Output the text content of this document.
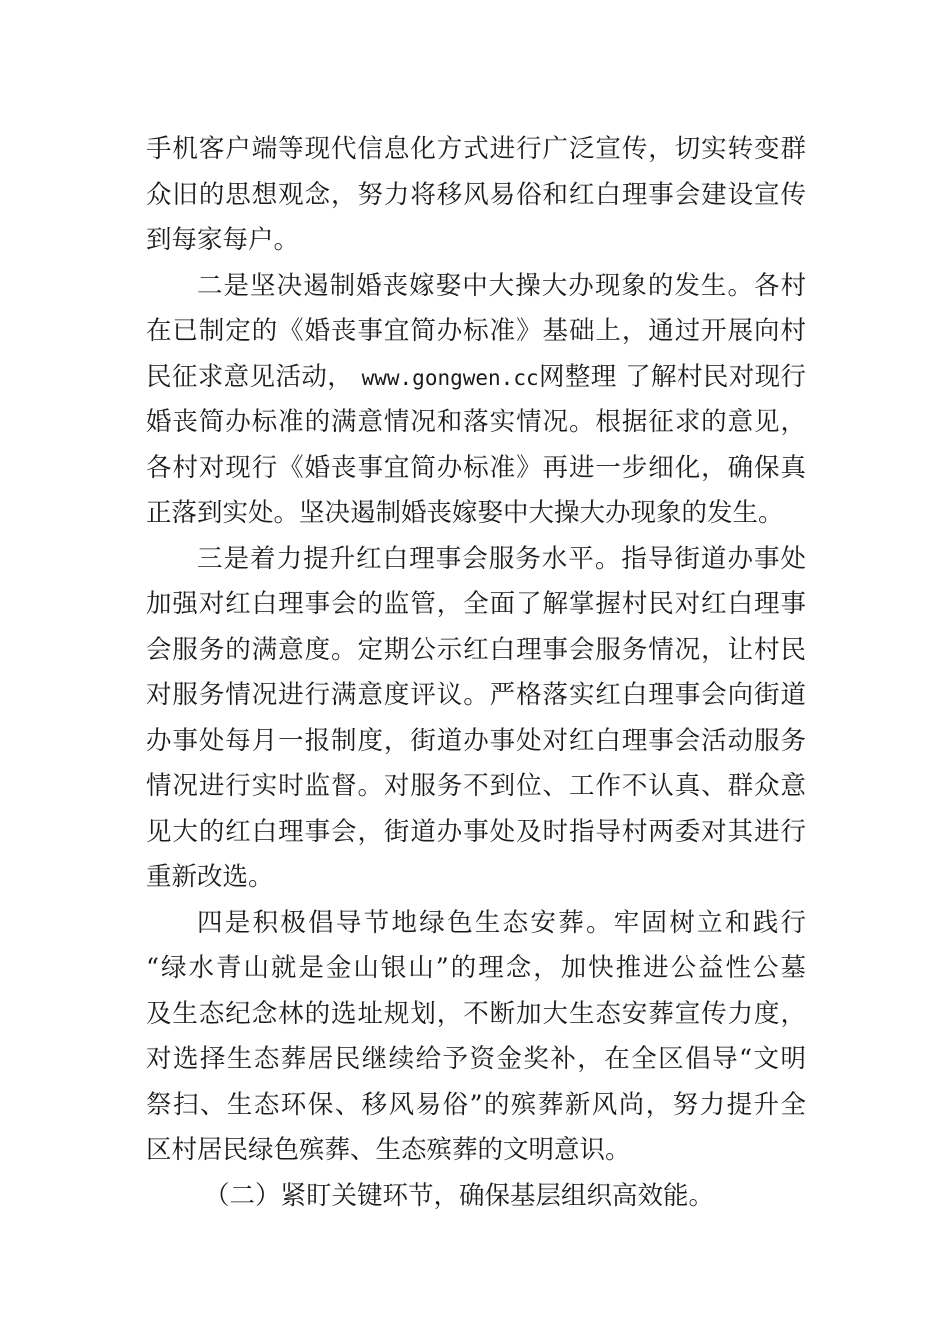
手机客户端等现代信息化方式进行广泛宣传，切实转变群
众旧的思想观念，努力将移风易俗和红白理事会建设宣传
到每家每户。
二是坚决遏制婚丧嫁娶中大操大办现象的发生。各村
在已制定的《婚丧事宜简办标准》基础上，通过开展向村
民征求意见活动， www.gongwen.cc网整理 了解村民对现行
婚丧简办标准的满意情况和落实情况。根据征求的意见，
各村对现行《婚丧事宜简办标准》再进一步细化，确保真
正落到实处。坚决遏制婚丧嫁娶中大操大办现象的发生。
三是着力提升红白理事会服务水平。指导街道办事处
加强对红白理事会的监管，全面了解掌握村民对红白理事
会服务的满意度。定期公示红白理事会服务情况，让村民
对服务情况进行满意度评议。严格落实红白理事会向街道
办事处每月一报制度，街道办事处对红白理事会活动服务
情况进行实时监督。对服务不到位、工作不认真、群众意
见大的红白理事会，街道办事处及时指导村两委对其进行
重新改选。
四是积极倡导节地绿色生态安葬。牢固树立和践行
“绿水青山就是金山银山”的理念，加快推进公益性公墓
及生态纪念林的选址规划，不断加大生态安葬宣传力度，
对选择生态葬居民继续给予资金奖补，在全区倡导“文明
祭扫、生态环保、移风易俗”的殡葬新风尚，努力提升全
区村居民绿色殡葬、生态殡葬的文明意识。
（二）紧盯关键环节，确保基层组织高效能。
